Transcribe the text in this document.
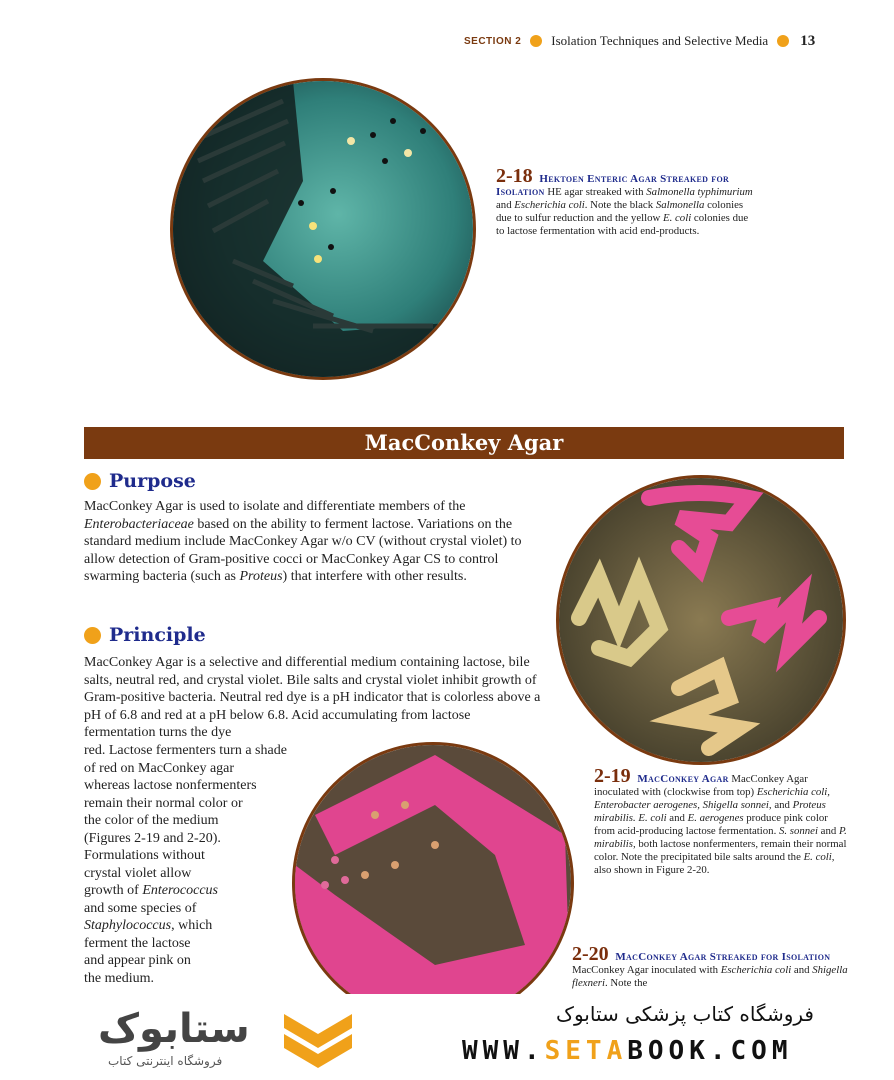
SECTION 2 Isolation Techniques and Selective Media 13
2-18 Hektoen Enteric Agar Streaked for Isolation HE agar streaked with Salmonella typhimurium and Escherichia coli. Note the black Salmonella colonies due to sulfur reduction and the yellow E. coli colonies due to lactose fermentation with acid end-products.
MacConkey Agar
Purpose

MacConkey Agar is used to isolate and differentiate members of the Enterobacteriaceae based on the ability to ferment lactose. Variations on the standard medium include MacConkey Agar w/o CV (without crystal violet) to allow detection of Gram-positive cocci or MacConkey Agar CS to control swarming bacteria (such as Proteus) that interfere with other results.

Principle

MacConkey Agar is a selective and differential medium containing lactose, bile salts, neutral red, and crystal violet. Bile salts and crystal violet inhibit growth of Gram-positive bacteria. Neutral red dye is a pH indicator that is colorless above a pH of 6.8 and red at a pH below 6.8. Acid accumulating from lactose fermentation turns the dye

red. Lactose fermenters turn a shade

of red on MacConkey agar

whereas lactose nonfermenters

remain their normal color or

the color of the medium

(Figures 2-19 and 2-20).

Formulations without

crystal violet allow

growth of Enterococcus

and some species of

Staphylococcus, which

ferment the lactose

and appear pink on

the medium.

2-19 MacConkey Agar MacConkey Agar inoculated with (clockwise from top) Escherichia coli, Enterobacter aerogenes, Shigella sonnei, and Proteus mirabilis. E. coli and E. aerogenes produce pink color from acid-producing lactose fermentation. S. sonnei and P. mirabilis, both lactose nonfermenters, remain their normal color. Note the precipitated bile salts around the E. coli, also shown in Figure 2-20.
2-20 MacConkey Agar Streaked for Isolation MacConkey Agar inoculated with Escherichia coli and Shigella flexneri. Note the
ستابوک
فروشگاه اینترنتی کتاب
فروشگاه کتاب پزشکی ستابوک
WWW.SETABOOK.COM
